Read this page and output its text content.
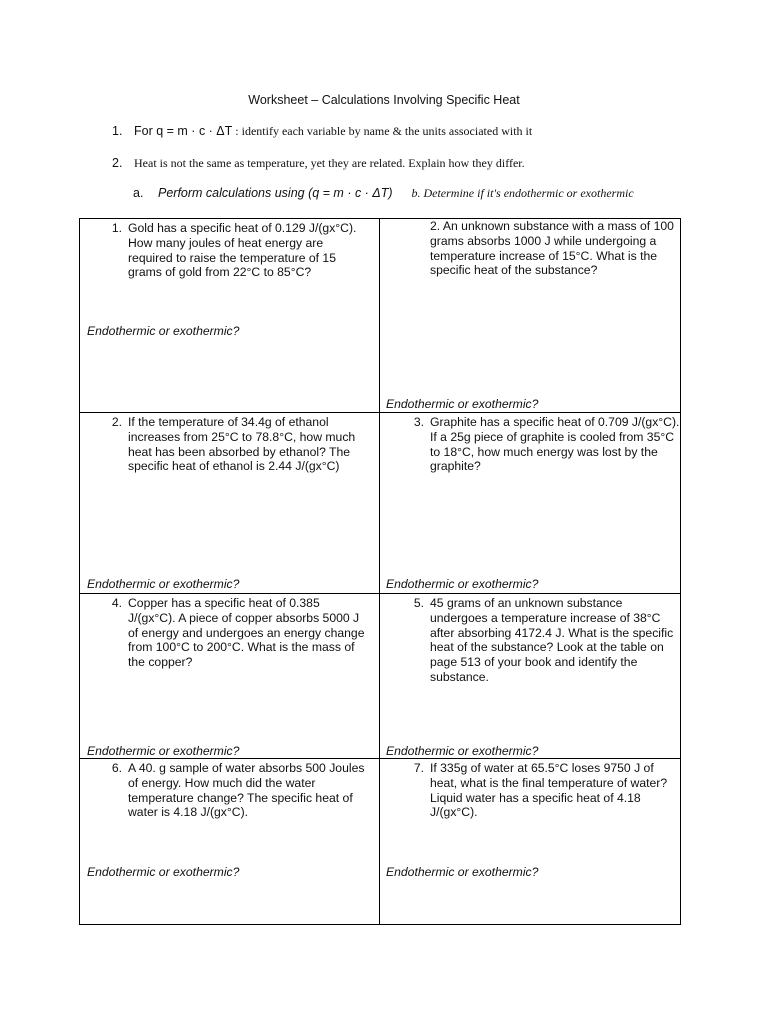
Worksheet – Calculations Involving Specific Heat
1. For q = m · c · ΔT : identify each variable by name & the units associated with it
2. Heat is not the same as temperature, yet they are related. Explain how they differ.
a. Perform calculations using (q = m · c · ΔT) b. Determine if it's endothermic or exothermic
1. Gold has a specific heat of 0.129 J/(gx°C). How many joules of heat energy are required to raise the temperature of 15 grams of gold from 22°C to 85°C?
Endothermic or exothermic?
2. An unknown substance with a mass of 100 grams absorbs 1000 J while undergoing a temperature increase of 15°C. What is the specific heat of the substance?
Endothermic or exothermic?
2. If the temperature of 34.4g of ethanol increases from 25°C to 78.8°C, how much heat has been absorbed by ethanol? The specific heat of ethanol is 2.44 J/(gx°C)
Endothermic or exothermic?
3. Graphite has a specific heat of 0.709 J/(gx°C). If a 25g piece of graphite is cooled from 35°C to 18°C, how much energy was lost by the graphite?
Endothermic or exothermic?
4. Copper has a specific heat of 0.385 J/(gx°C). A piece of copper absorbs 5000 J of energy and undergoes an energy change from 100°C to 200°C. What is the mass of the copper?
Endothermic or exothermic?
5. 45 grams of an unknown substance undergoes a temperature increase of 38°C after absorbing 4172.4 J. What is the specific heat of the substance? Look at the table on page 513 of your book and identify the substance.
Endothermic or exothermic?
6. A 40. g sample of water absorbs 500 Joules of energy. How much did the water temperature change? The specific heat of water is 4.18 J/(gx°C).
Endothermic or exothermic?
7. If 335g of water at 65.5°C loses 9750 J of heat, what is the final temperature of water? Liquid water has a specific heat of 4.18 J/(gx°C).
Endothermic or exothermic?
